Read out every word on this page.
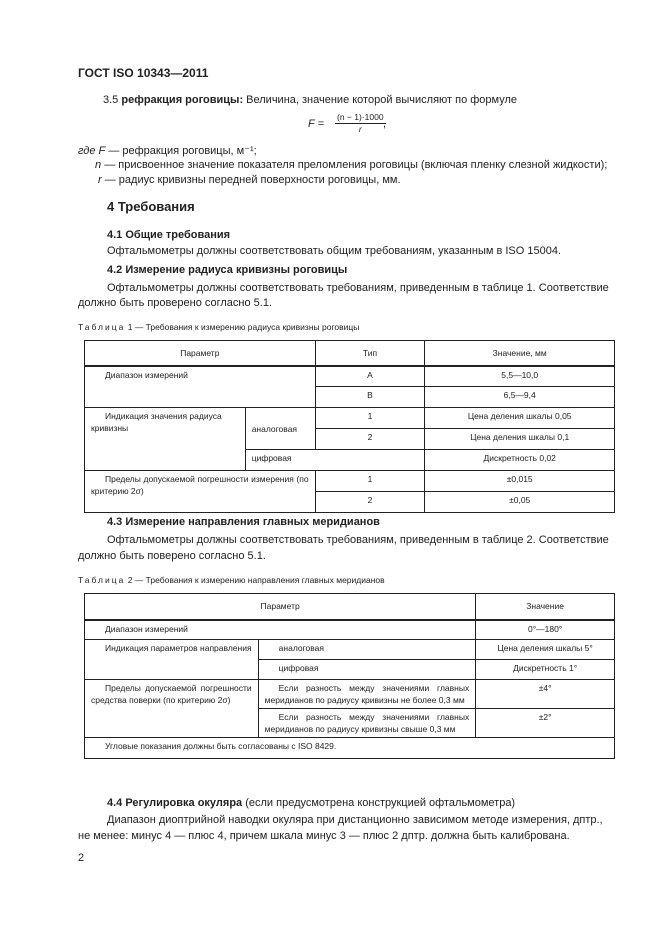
ГОСТ ISO 10343—2011
3.5 рефракция роговицы: Величина, значение которой вычисляют по формуле
$F = \frac{(n - 1)\cdot 1000}{r}$
,
где F — рефракция роговицы, м⁻¹;
n — присвоенное значение показателя преломления роговицы (включая пленку слезной жидкости);
r — радиус кривизны передней поверхности роговицы, мм.
4 Требования
4.1 Общие требования
Офтальмометры должны соответствовать общим требованиям, указанным в ISO 15004.
4.2 Измерение радиуса кривизны роговицы
Офтальмометры должны соответствовать требованиям, приведенным в таблице 1. Соответствие
должно быть проверено согласно 5.1.
Таблица 1 — Требования к измерению радиуса кривизны роговицы
Параметр		Тип	Значение, мм
Диапазон измерений		A	5,5—10,0
		B	6,5—9,4
Индикация значения радиуса кривизны	аналоговая	1	Цена деления шкалы 0,05
		2	Цена деления шкалы 0,1
	цифровая		Дискретность 0,02
Пределы допускаемой погрешности измерения (по критерию 2σ)		1	±0,015
		2	±0,05
4.3 Измерение направления главных меридианов
Офтальмометры должны соответствовать требованиям, приведенным в таблице 2. Соответствие
должно быть поверено согласно 5.1.
Таблица 2 — Требования к измерению направления главных меридианов
Параметр		Значение
Диапазон измерений		0°—180°
Индикация параметров направления	аналоговая	Цена деления шкалы 5°
	цифровая	Дискретность 1°
Пределы допускаемой погрешности средства поверки (по критерию 2σ)	Если разность между значениями главных меридианов по радиусу кривизны не более 0,3 мм	±4°
	Если разность между значениями главных меридианов по радиусу кривизны свыше 0,3 мм	±2°
Угловые показания должны быть согласованы с ISO 8429.		
4.4 Регулировка окуляра (если предусмотрена конструкцией офтальмометра)
Диапазон диоптрийной наводки окуляра при дистанционно зависимом методе измерения, дптр.,
не менее: минус 4 — плюс 4, причем шкала минус 3 — плюс 2 дптр. должна быть калибрована.
2
